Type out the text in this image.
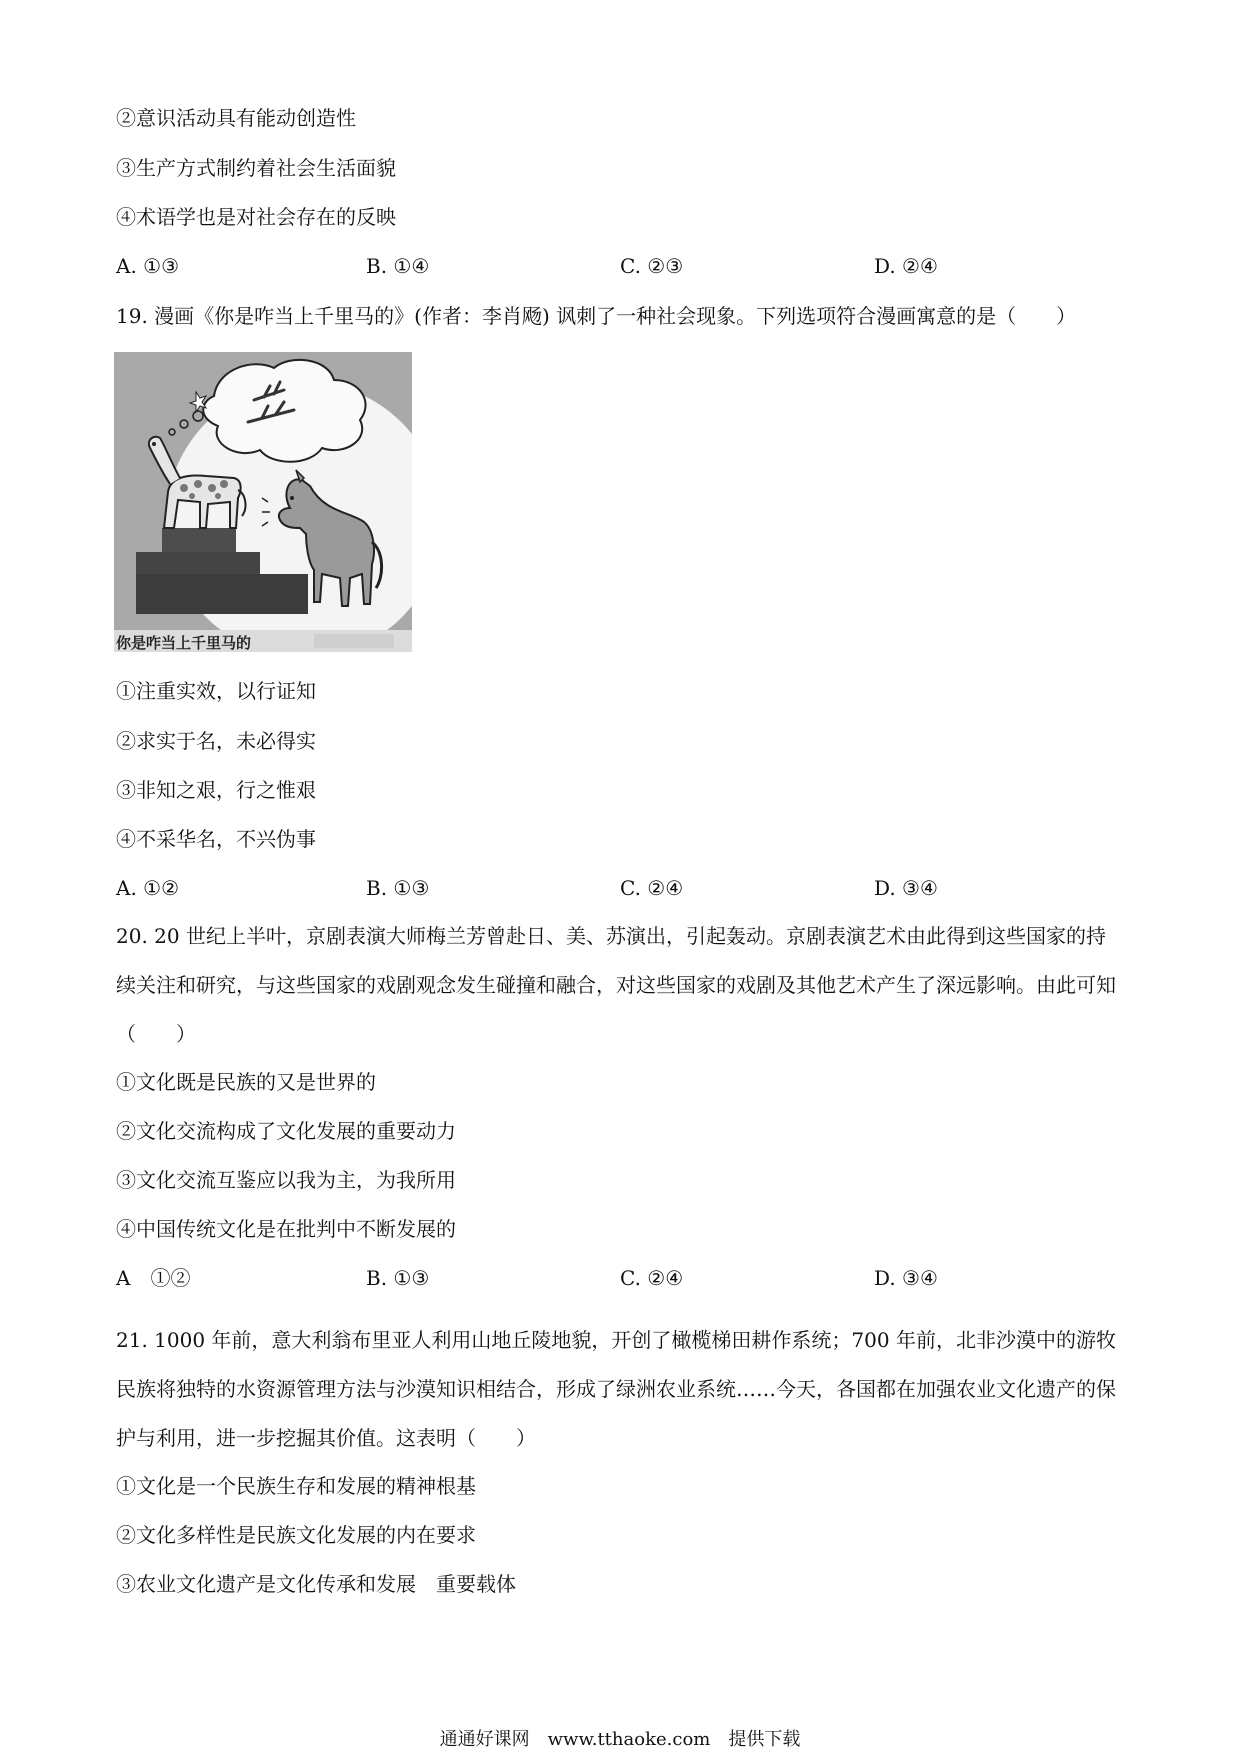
②意识活动具有能动创造性
③生产方式制约着社会生活面貌
④术语学也是对社会存在的反映
A. ①③	B. ①④	C. ②③	D. ②④
19. 漫画《你是咋当上千里马的》(作者：李肖飏) 讽刺了一种社会现象。下列选项符合漫画寓意的是（　　）
你是咋当上千里马的
①注重实效，以行证知
②求实于名，未必得实
③非知之艰，行之惟艰
④不采华名，不兴伪事
A. ①②	B. ①③	C. ②④	D. ③④
20. 20 世纪上半叶，京剧表演大师梅兰芳曾赴日、美、苏演出，引起轰动。京剧表演艺术由此得到这些国家的持续关注和研究，与这些国家的戏剧观念发生碰撞和融合，对这些国家的戏剧及其他艺术产生了深远影响。由此可知（　　）
①文化既是民族的又是世界的
②文化交流构成了文化发展的重要动力
③文化交流互鉴应以我为主，为我所用
④中国传统文化是在批判中不断发展的
A　①②	B. ①③	C. ②④	D. ③④
21. 1000 年前，意大利翁布里亚人利用山地丘陵地貌，开创了橄榄梯田耕作系统；700 年前，北非沙漠中的游牧民族将独特的水资源管理方法与沙漠知识相结合，形成了绿洲农业系统……今天，各国都在加强农业文化遗产的保护与利用，进一步挖掘其价值。这表明（　　）
①文化是一个民族生存和发展的精神根基
②文化多样性是民族文化发展的内在要求
③农业文化遗产是文化传承和发展　重要载体
通通好课网　www.tthaoke.com　提供下载
